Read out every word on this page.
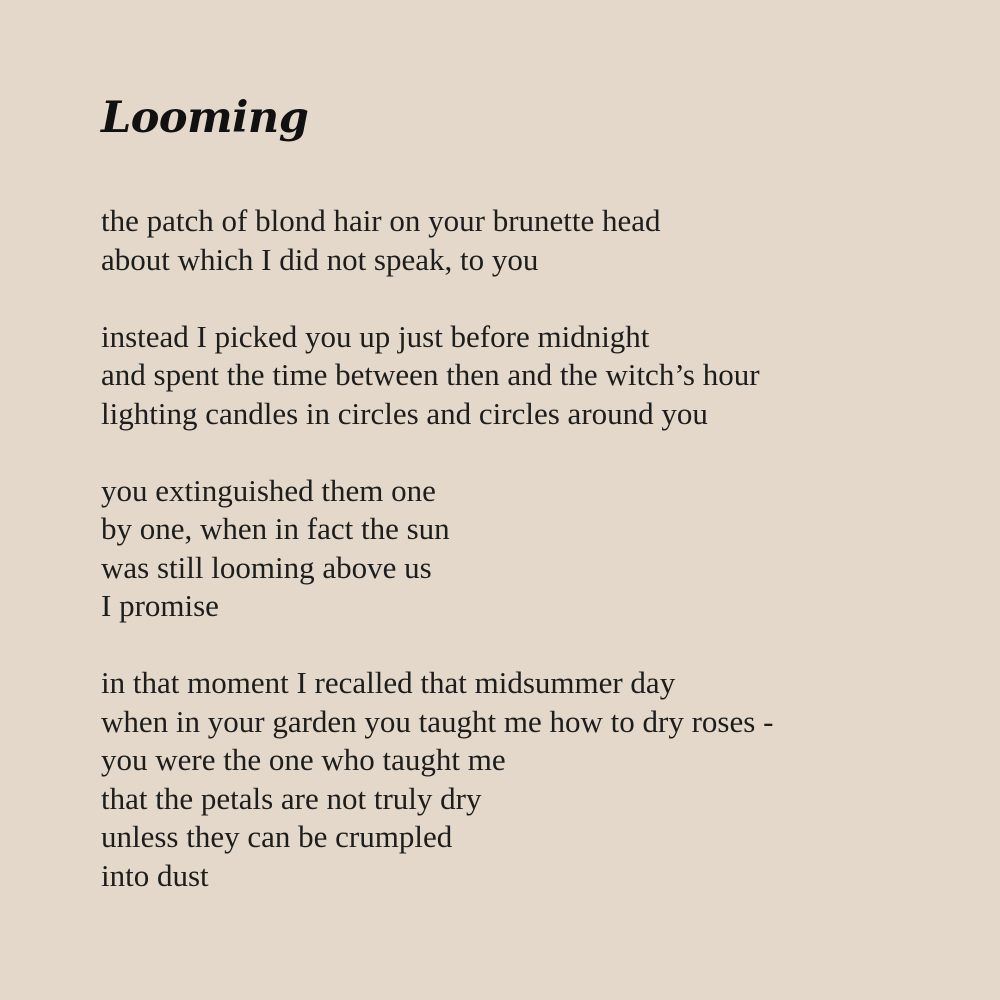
Looming
the patch of blond hair on your brunette head
about which I did not speak, to you
instead I picked you up just before midnight
and spent the time between then and the witch’s hour
lighting candles in circles and circles around you
you extinguished them one
by one, when in fact the sun
was still looming above us
I promise
in that moment I recalled that midsummer day
when in your garden you taught me how to dry roses -
you were the one who taught me
that the petals are not truly dry
unless they can be crumpled
into dust
